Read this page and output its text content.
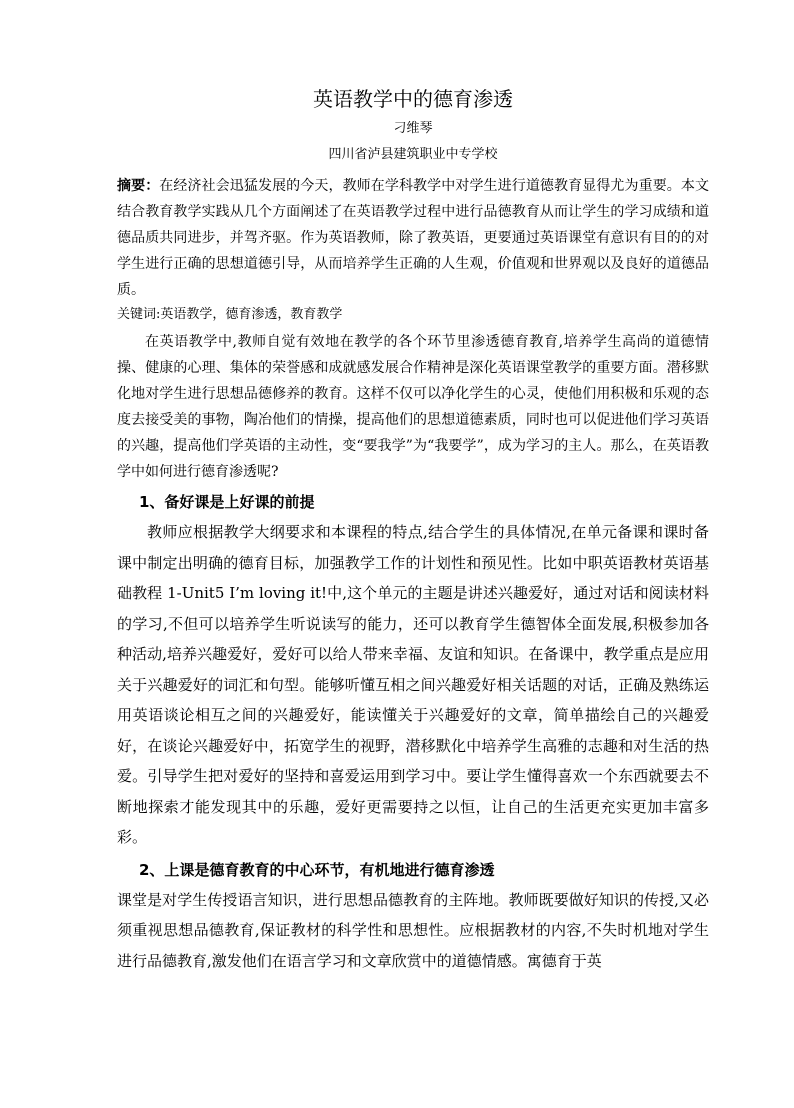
英语教学中的德育渗透

刁维琴

四川省泸县建筑职业中专学校

摘要：在经济社会迅猛发展的今天，教师在学科教学中对学生进行道德教育显得尤为重要。本文结合教育教学实践从几个方面阐述了在英语教学过程中进行品德教育从而让学生的学习成绩和道德品质共同进步，并驾齐驱。作为英语教师，除了教英语，更要通过英语课堂有意识有目的的对学生进行正确的思想道德引导，从而培养学生正确的人生观，价值观和世界观以及良好的道德品质。

关键词:英语教学，德育渗透，教育教学

在英语教学中,教师自觉有效地在教学的各个环节里渗透德育教育,培养学生高尚的道德情操、健康的心理、集体的荣誉感和成就感发展合作精神是深化英语课堂教学的重要方面。潜移默化地对学生进行思想品德修养的教育。这样不仅可以净化学生的心灵，使他们用积极和乐观的态度去接受美的事物，陶冶他们的情操，提高他们的思想道德素质，同时也可以促进他们学习英语的兴趣，提高他们学英语的主动性，变“要我学”为“我要学”，成为学习的主人。那么，在英语教学中如何进行德育渗透呢?

1、备好课是上好课的前提

教师应根据教学大纲要求和本课程的特点,结合学生的具体情况,在单元备课和课时备课中制定出明确的德育目标，加强教学工作的计划性和预见性。比如中职英语教材英语基础教程 1-Unit5 I’m loving it!中,这个单元的主题是讲述兴趣爱好，通过对话和阅读材料的学习,不但可以培养学生听说读写的能力，还可以教育学生德智体全面发展,积极参加各种活动,培养兴趣爱好，爱好可以给人带来幸福、友谊和知识。在备课中，教学重点是应用关于兴趣爱好的词汇和句型。能够听懂互相之间兴趣爱好相关话题的对话，正确及熟练运用英语谈论相互之间的兴趣爱好，能读懂关于兴趣爱好的文章，简单描绘自己的兴趣爱好，在谈论兴趣爱好中，拓宽学生的视野，潜移默化中培养学生高雅的志趣和对生活的热爱。引导学生把对爱好的坚持和喜爱运用到学习中。要让学生懂得喜欢一个东西就要去不断地探索才能发现其中的乐趣，爱好更需要持之以恒，让自己的生活更充实更加丰富多彩。

2、上课是德育教育的中心环节，有机地进行德育渗透

课堂是对学生传授语言知识，进行思想品德教育的主阵地。教师既要做好知识的传授,又必须重视思想品德教育,保证教材的科学性和思想性。应根据教材的内容,不失时机地对学生进行品德教育,激发他们在语言学习和文章欣赏中的道德情感。寓德育于英
